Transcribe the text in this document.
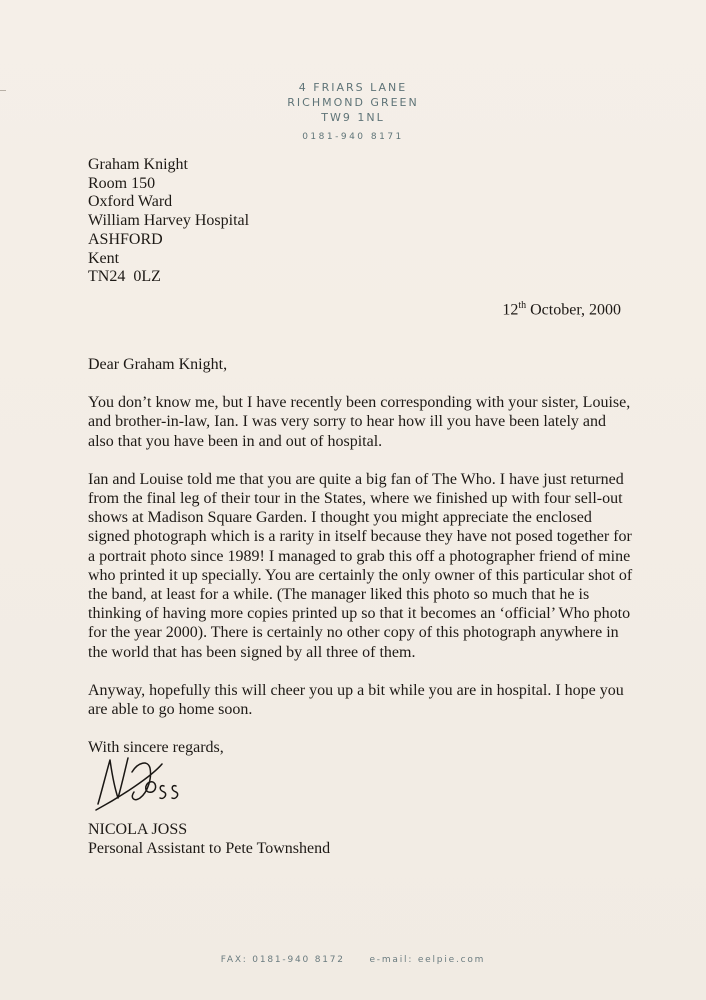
4 FRIARS LANE
RICHMOND GREEN
TW9 1NL
0181-940 8171
Graham Knight
Room 150
Oxford Ward
William Harvey Hospital
ASHFORD
Kent
TN24  0LZ
12th October, 2000

Dear Graham Knight,

You don’t know me, but I have recently been corresponding with your sister, Louise, and brother-in-law, Ian. I was very sorry to hear how ill you have been lately and also that you have been in and out of hospital.

Ian and Louise told me that you are quite a big fan of The Who. I have just returned from the final leg of their tour in the States, where we finished up with four sell-out shows at Madison Square Garden. I thought you might appreciate the enclosed signed photograph which is a rarity in itself because they have not posed together for a portrait photo since 1989! I managed to grab this off a photographer friend of mine who printed it up specially. You are certainly the only owner of this particular shot of the band, at least for a while. (The manager liked this photo so much that he is thinking of having more copies printed up so that it becomes an ‘official’ Who photo for the year 2000). There is certainly no other copy of this photograph anywhere in the world that has been signed by all three of them.

Anyway, hopefully this will cheer you up a bit while you are in hospital. I hope you are able to go home soon.

With sincere regards,

NICOLA JOSS
Personal Assistant to Pete Townshend
FAX: 0181-940 8172	e-mail: eelpie.com
